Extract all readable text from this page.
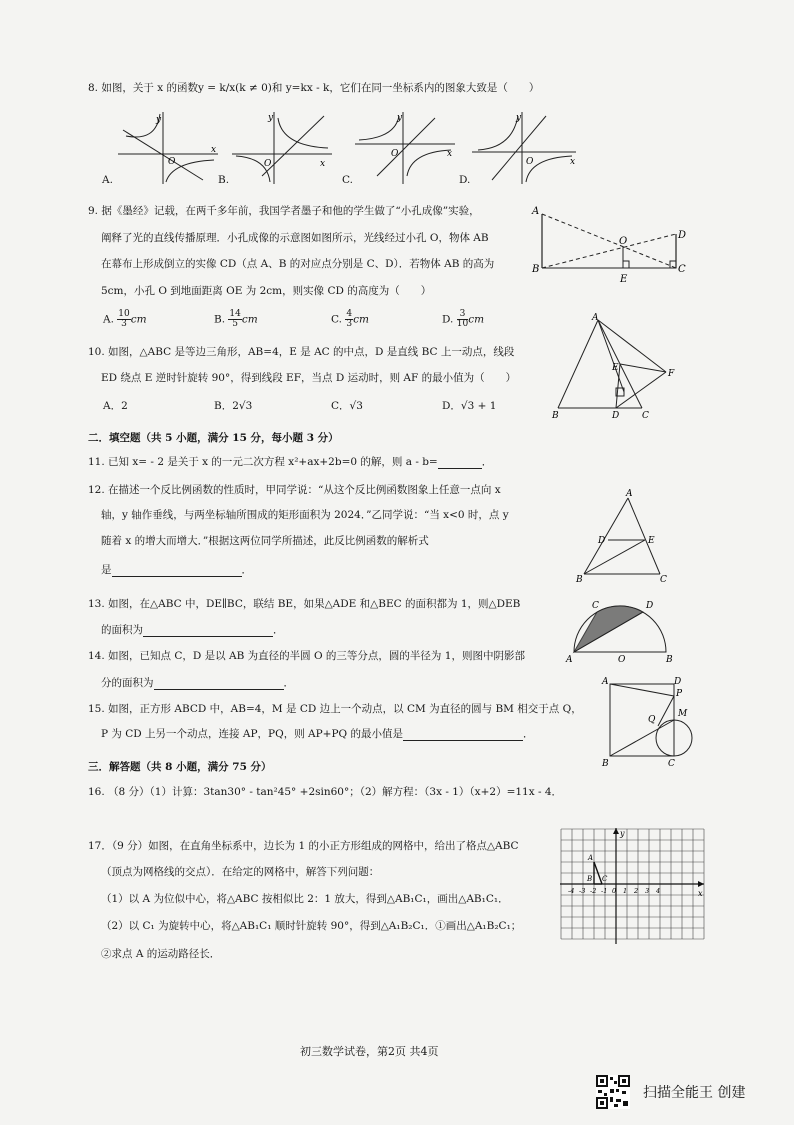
8. 如图，关于 x 的函数y = k/x(k ≠ 0)和 y=kx - k，它们在同一坐标系内的图象大致是（　　）
y
O
x
y
O	x
y
O	x
y
O	x
A.	B.	C.	D.
9. 据《墨经》记载，在两千多年前，我国学者墨子和他的学生做了“小孔成像”实验，
阐释了光的直线传播原理．小孔成像的示意图如图所示，光线经过小孔 O，物体 AB
在幕布上形成倒立的实像 CD（点 A、B 的对应点分别是 C、D）．若物体 AB 的高为
5cm，小孔 O 到地面距离 OE 为 2cm，则实像 CD 的高度为（　　）
A
B
O
E
C
D
A. $\frac{10}{3}$ cm	B. $\frac{14}{5}$ cm	C. $\frac{4}{3}$ cm	D. $\frac{3}{10}$ cm
10. 如图，△ABC 是等边三角形，AB=4，E 是 AC 的中点，D 是直线 BC 上一动点，线段
ED 绕点 E 逆时针旋转 90°，得到线段 EF，当点 D 运动时，则 AF 的最小值为（　　）
A
E
F
B	D	C
A．2	B．2√3	C．√3	D．√3 + 1
二．填空题（共 5 小题，满分 15 分，每小题 3 分）
11. 已知 x= - 2 是关于 x 的一元二次方程 x²+ax+2b=0 的解，则 a - b=	．
12. 在描述一个反比例函数的性质时，甲同学说：“从这个反比例函数图象上任意一点向 x
轴，y 轴作垂线，与两坐标轴所围成的矩形面积为 2024．”乙同学说：“当 x<0 时，点 y
随着 x 的增大而增大．”根据这两位同学所描述，此反比例函数的解析式
是	．
A
D	E
B	C
13. 如图，在△ABC 中，DE∥BC，联结 BE，如果△ADE 和△BEC 的面积都为 1，则△DEB
的面积为	．
14. 如图，已知点 C，D 是以 AB 为直径的半圆 O 的三等分点，圆的半径为 1，则图中阴影部
分的面积为	．
C	D
A	O	B
15. 如图，正方形 ABCD 中，AB=4，M 是 CD 边上一个动点，以 CM 为直径的圆与 BM 相交于点 Q，
P 为 CD 上另一个动点，连接 AP，PQ，则 AP+PQ 的最小值是	．
A	D
P
Q
M
B	C
三．解答题（共 8 小题，满分 75 分）
16. （8 分）（1）计算：3tan30° - tan²45° +2sin60°；（2）解方程：（3x - 1）（x+2）=11x - 4．
17．（9 分）如图，在直角坐标系中，边长为 1 的小正方形组成的网格中，给出了格点△ABC
（顶点为网格线的交点）．在给定的网格中，解答下列问题：
（1）以 A 为位似中心，将△ABC 按相似比 2：1 放大，得到△AB₁C₁，画出△AB₁C₁．
（2）以 C₁ 为旋转中心，将△AB₁C₁ 顺时针旋转 90°，得到△A₁B₂C₁．①画出△A₁B₂C₁；
②求点 A 的运动路径长．
y
x
A
B C
-4 -3 -2 -1 0 1 2 3 4
初三数学试卷，第2页 共4页
扫描全能王 创建
